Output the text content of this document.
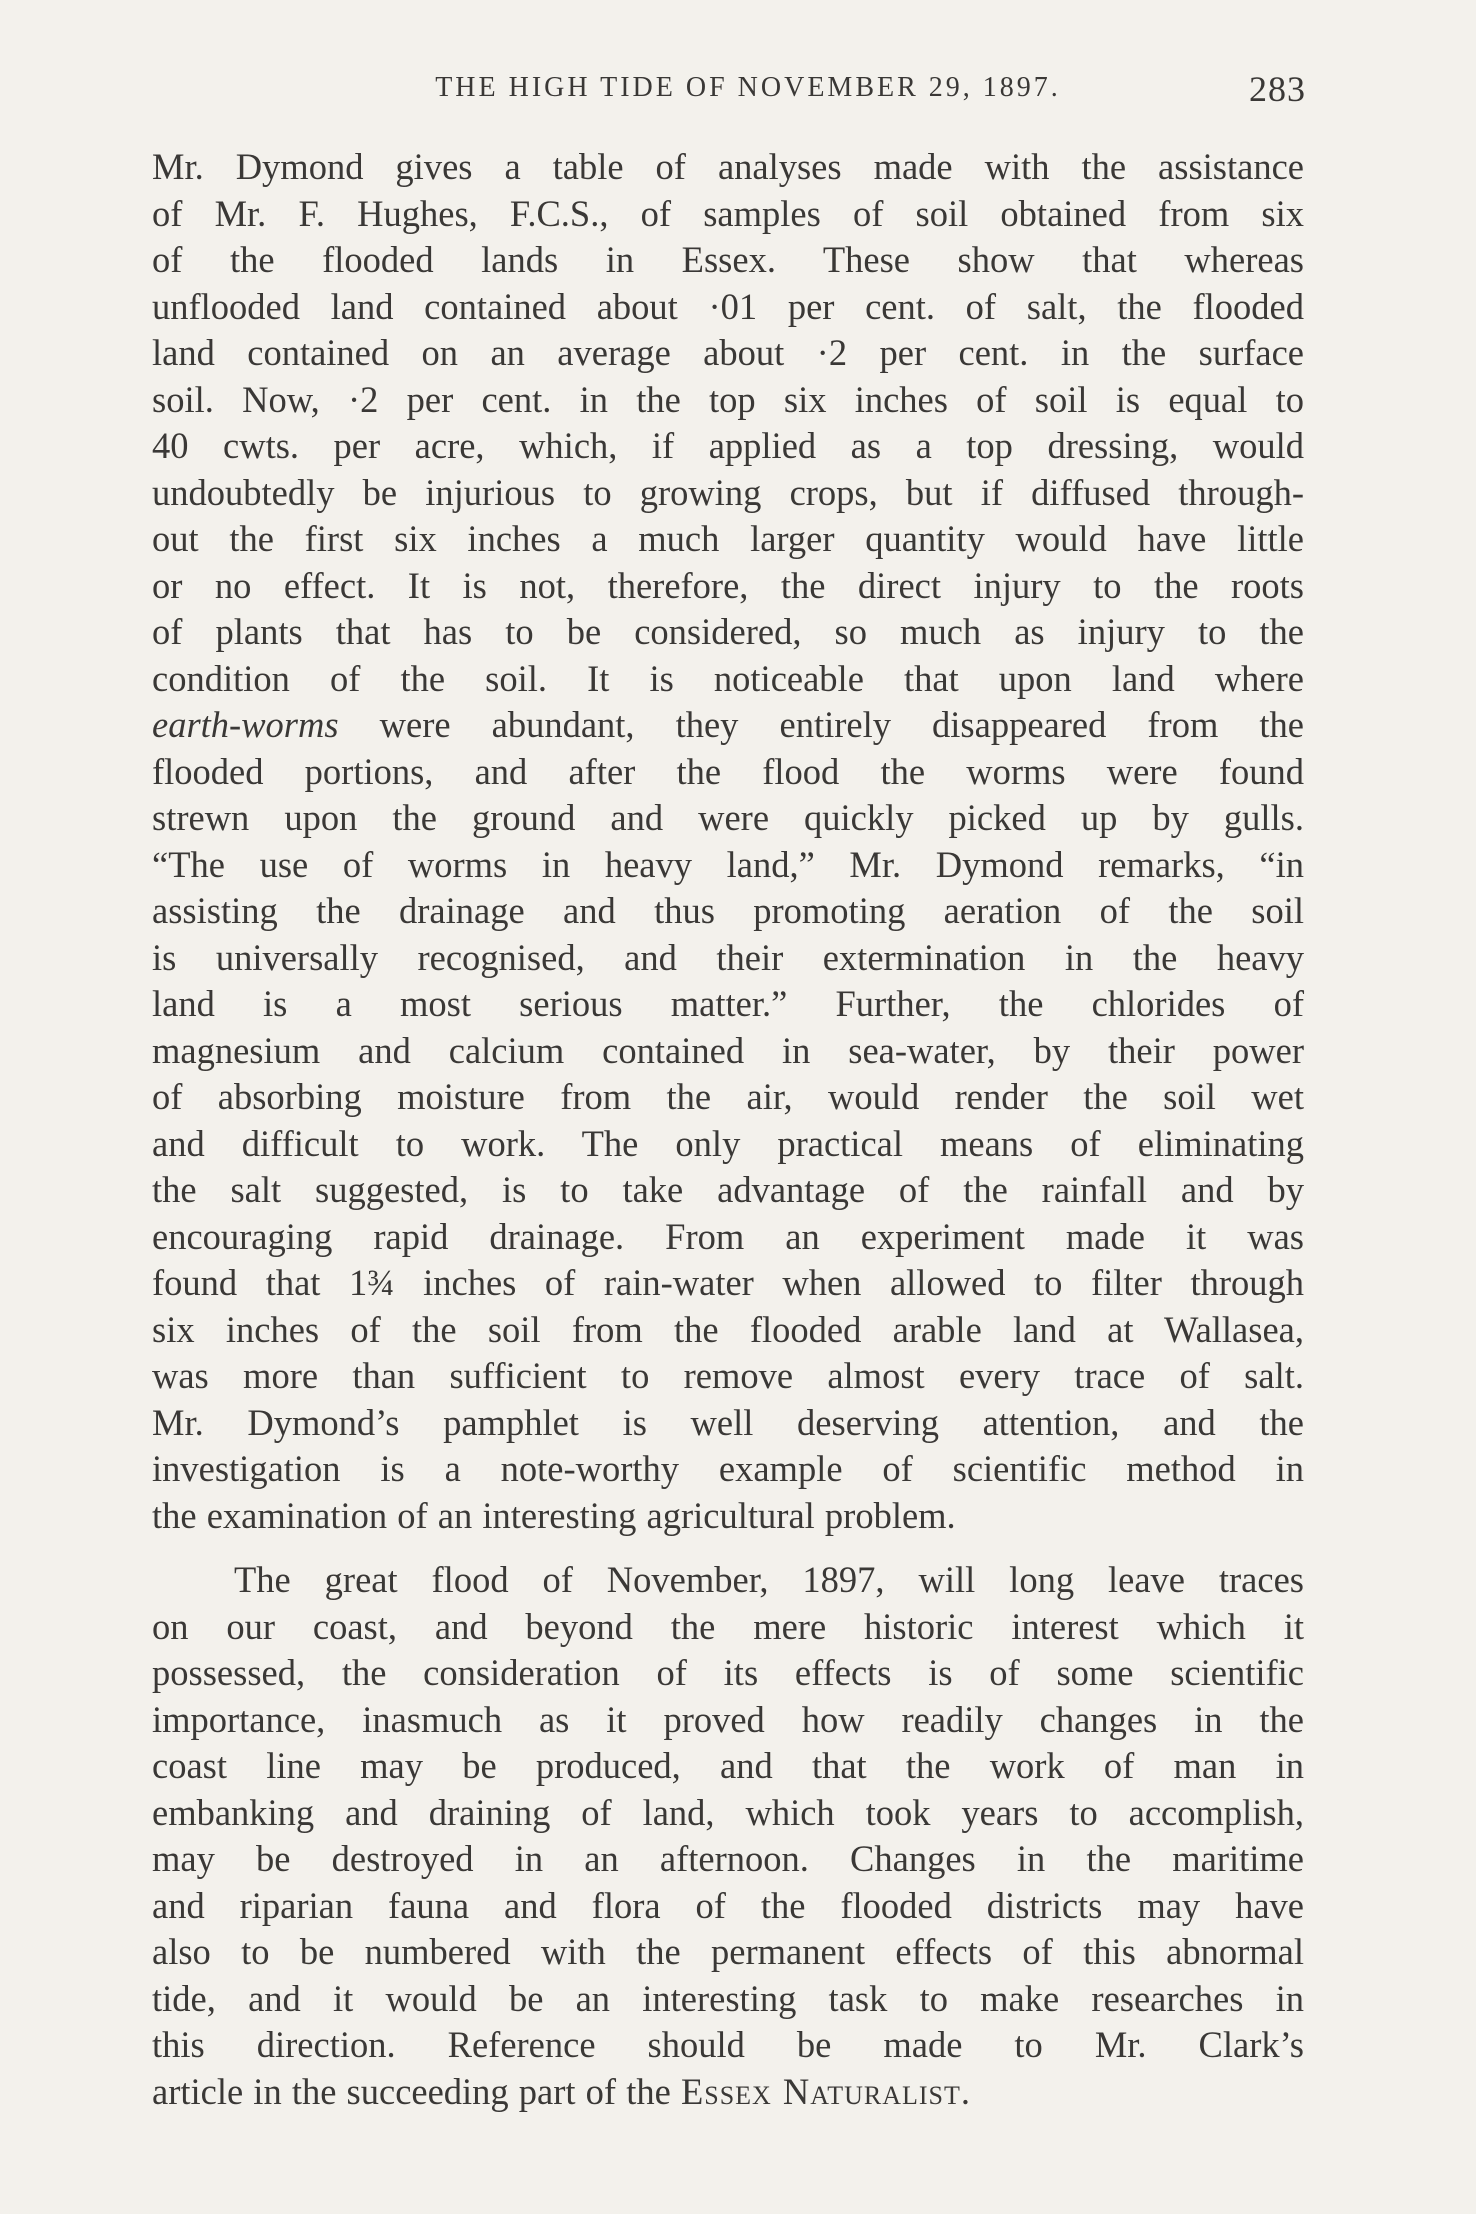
THE HIGH TIDE OF NOVEMBER 29, 1897.	283
Mr. Dymond gives a table of analyses made with the assistance
of Mr. F. Hughes, F.C.S., of samples of soil obtained from six
of the flooded lands in Essex. These show that whereas
unflooded land contained about ·01 per cent. of salt, the flooded
land contained on an average about ·2 per cent. in the surface
soil. Now, ·2 per cent. in the top six inches of soil is equal to
40 cwts. per acre, which, if applied as a top dressing, would
undoubtedly be injurious to growing crops, but if diffused through-
out the first six inches a much larger quantity would have little
or no effect. It is not, therefore, the direct injury to the roots
of plants that has to be considered, so much as injury to the
condition of the soil. It is noticeable that upon land where
earth-worms were abundant, they entirely disappeared from the
flooded portions, and after the flood the worms were found
strewn upon the ground and were quickly picked up by gulls.
“The use of worms in heavy land,” Mr. Dymond remarks, “in
assisting the drainage and thus promoting aeration of the soil
is universally recognised, and their extermination in the heavy
land is a most serious matter.” Further, the chlorides of
magnesium and calcium contained in sea-water, by their power
of absorbing moisture from the air, would render the soil wet
and difficult to work. The only practical means of eliminating
the salt suggested, is to take advantage of the rainfall and by
encouraging rapid drainage. From an experiment made it was
found that 1¾ inches of rain-water when allowed to filter through
six inches of the soil from the flooded arable land at Wallasea,
was more than sufficient to remove almost every trace of salt.
Mr. Dymond’s pamphlet is well deserving attention, and the
investigation is a note-worthy example of scientific method in
the examination of an interesting agricultural problem.
The great flood of November, 1897, will long leave traces
on our coast, and beyond the mere historic interest which it
possessed, the consideration of its effects is of some scientific
importance, inasmuch as it proved how readily changes in the
coast line may be produced, and that the work of man in
embanking and draining of land, which took years to accomplish,
may be destroyed in an afternoon. Changes in the maritime
and riparian fauna and flora of the flooded districts may have
also to be numbered with the permanent effects of this abnormal
tide, and it would be an interesting task to make researches in
this direction. Reference should be made to Mr. Clark’s
article in the succeeding part of the Essex Naturalist.
